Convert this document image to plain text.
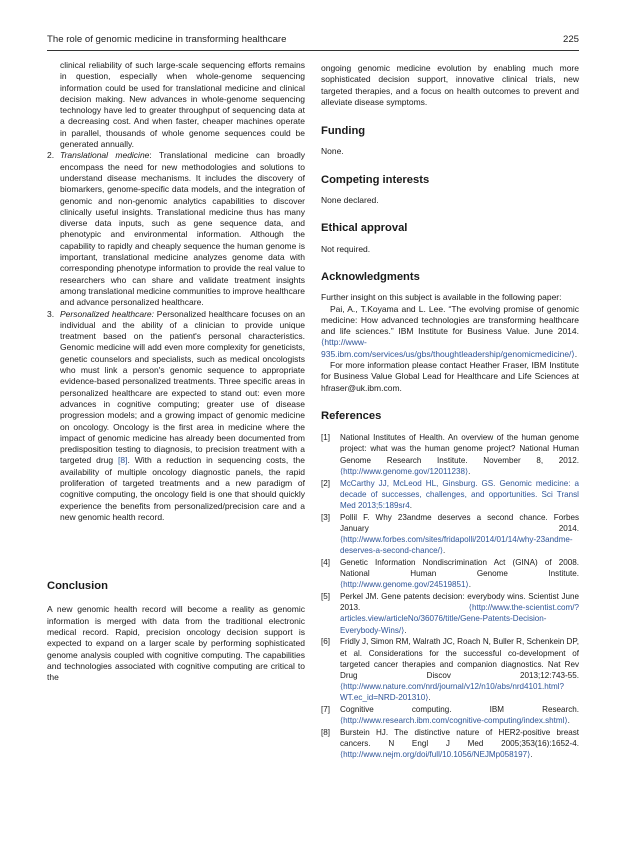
The role of genomic medicine in transforming healthcare	225

clinical reliability of such large-scale sequencing efforts remains in question, especially when whole-genome sequencing information could be used for translational medicine and clinical decision making. New advances in whole-genome sequencing technology have led to greater throughput of sequencing data at a decreasing cost. And when faster, cheaper machines operate in parallel, thousands of whole genome sequences could be generated annually.

2. Translational medicine: Translational medicine can broadly encompass the need for new methodologies and solutions to understand disease mechanisms. It includes the discovery of biomarkers, genome-specific data models, and the integration of genomic and non-genomic analytics capabilities to discover clinically useful insights. Translational medicine thus has many diverse data inputs, such as gene sequence data, and phenotypic and environmental information. Although the capability to rapidly and cheaply sequence the human genome is important, translational medicine analyzes genome data with corresponding phenotype information to provide the real value to researchers who can share and validate treatment insights among translational medicine communities to improve healthcare and advance personalized healthcare.

3. Personalized healthcare: Personalized healthcare focuses on an individual and the ability of a clinician to provide unique treatment based on the patient's personal characteristics. Genomic medicine will add even more complexity for geneticists, genetic counselors and specialists, such as medical oncologists who must link a person's genomic sequence to appropriate evidence-based personalized treatments. Three specific areas in personalized healthcare are expected to stand out: even more advances in cognitive computing; greater use of disease progression models; and a growing impact of genomic medicine on oncology. Oncology is the first area in medicine where the impact of genomic medicine has already been documented from predisposition testing to diagnosis, to precision treatment with a targeted drug [8]. With a reduction in sequencing costs, the availability of multiple oncology diagnostic panels, the rapid proliferation of targeted treatments and a new paradigm of cognitive computing, the oncology field is one that should quickly experience the benefits from personalized/precision care and a new genomic health record.

Conclusion

A new genomic health record will become a reality as genomic information is merged with data from the traditional electronic medical record. Rapid, precision oncology decision support is expected to expand on a larger scale by performing sophisticated genome analysis coupled with cognitive computing. The capabilities and technologies associated with cognitive computing are critical to the

ongoing genomic medicine evolution by enabling much more sophisticated decision support, innovative clinical trials, new targeted therapies, and a focus on health outcomes to prevent and alleviate disease symptoms.

Funding

None.

Competing interests

None declared.

Ethical approval

Not required.

Acknowledgments

Further insight on this subject is available in the following paper:

Pai, A., T.Koyama and L. Lee. “The evolving promise of genomic medicine: How advanced technologies are transforming healthcare and life sciences.” IBM Institute for Business Value. June 2014. ⟨http://www-935.ibm.com/services/us/gbs/thoughtleadership/genomicmedicine/⟩.

For more information please contact Heather Fraser, IBM Institute for Business Value Global Lead for Healthcare and Life Sciences at hfraser@uk.ibm.com.

References
[1]	National Institutes of Health. An overview of the human genome project: what was the human genome project? National Human Genome Research Institute. November 8, 2012. ⟨http://www.genome.gov/12011238⟩.
[2]	McCarthy JJ, McLeod HL, Ginsburg. GS. Genomic medicine: a decade of successes, challenges, and opportunities. Sci Transl Med 2013;5:189sr4.
[3]	Pollil F. Why 23andme deserves a second chance. Forbes January 2014. ⟨http://www.forbes.com/sites/fridapolli/2014/01/14/why-23andme-deserves-a-second-chance/⟩.
[4]	Genetic Information Nondiscrimination Act (GINA) of 2008. National Human Genome Institute. ⟨http://www.genome.gov/24519851⟩.
[5]	Perkel JM. Gene patents decision: everybody wins. Scientist June 2013. ⟨http://www.the-scientist.com/?articles.view/articleNo/36076/title/Gene-Patents-Decision-Everybody-Wins/⟩.
[6]	Fridly J, Simon RM, Walrath JC, Roach N, Buller R, Schenkein DP, et al. Considerations for the successful co-development of targeted cancer therapies and companion diagnostics. Nat Rev Drug Discov 2013;12:743-55. ⟨http://www.nature.com/nrd/journal/v12/n10/abs/nrd4101.html?WT.ec_id=NRD-201310⟩.
[7]	Cognitive computing. IBM Research. ⟨http://www.research.ibm.com/cognitive-computing/index.shtml⟩.
[8]	Burstein HJ. The distinctive nature of HER2-positive breast cancers. N Engl J Med 2005;353(16):1652-4. ⟨http://www.nejm.org/doi/full/10.1056/NEJMp058197⟩.
